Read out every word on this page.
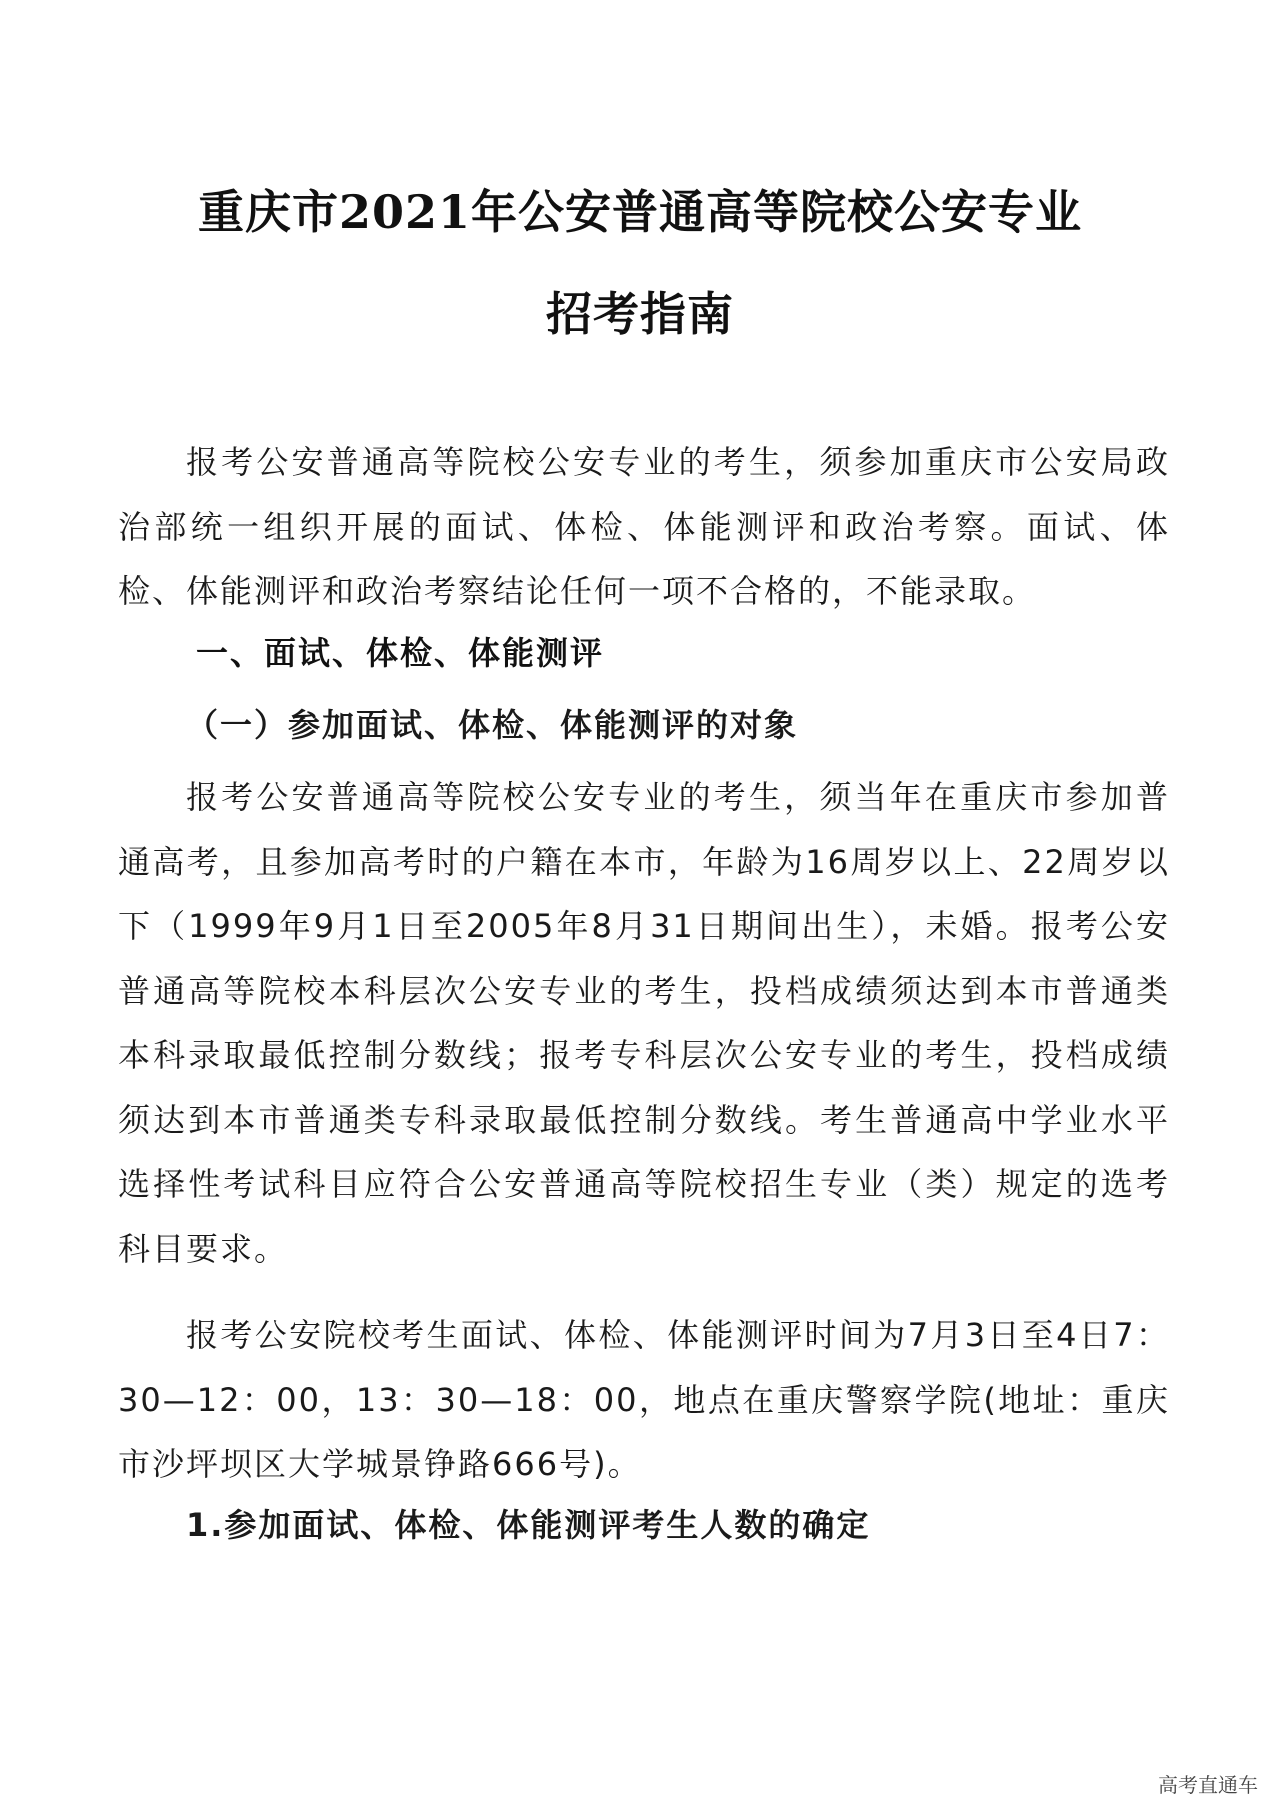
重庆市2021年公安普通高等院校公安专业
招考指南

报考公安普通高等院校公安专业的考生，须参加重庆市公安局政治部统一组织开展的面试、体检、体能测评和政治考察。面试、体检、体能测评和政治考察结论任何一项不合格的，不能录取。

一、面试、体检、体能测评
（一）参加面试、体检、体能测评的对象

报考公安普通高等院校公安专业的考生，须当年在重庆市参加普通高考，且参加高考时的户籍在本市，年龄为16周岁以上、22周岁以下（1999年9月1日至2005年8月31日期间出生），未婚。报考公安普通高等院校本科层次公安专业的考生，投档成绩须达到本市普通类本科录取最低控制分数线；报考专科层次公安专业的考生，投档成绩须达到本市普通类专科录取最低控制分数线。考生普通高中学业水平选择性考试科目应符合公安普通高等院校招生专业（类）规定的选考科目要求。

报考公安院校考生面试、体检、体能测评时间为7月3日至4日7：30—12：00，13：30—18：00，地点在重庆警察学院(地址：重庆市沙坪坝区大学城景铮路666号)。

1.参加面试、体检、体能测评考生人数的确定
高考直通车
